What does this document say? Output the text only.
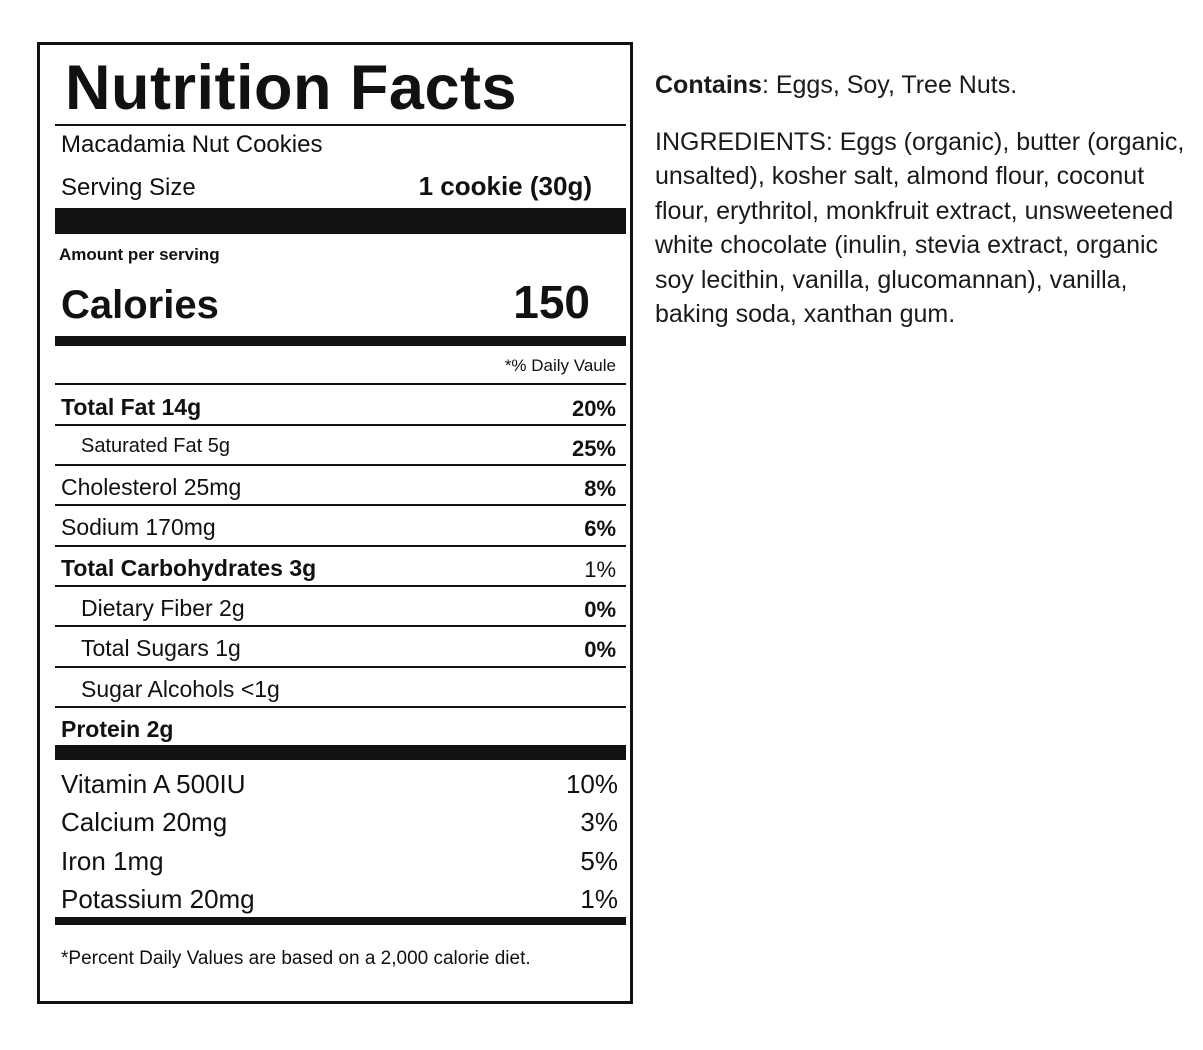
Nutrition Facts
Macadamia Nut Cookies
Serving Size	1 cookie (30g)
Amount per serving
Calories	150
*% Daily Vaule
Total Fat 14g	20%
Saturated Fat 5g	25%
Cholesterol 25mg	8%
Sodium 170mg	6%
Total Carbohydrates 3g	1%
Dietary Fiber 2g	0%
Total Sugars 1g	0%
Sugar Alcohols <1g
Protein 2g
Vitamin A 500IU	10%
Calcium 20mg	3%
Iron 1mg	5%
Potassium 20mg	1%
*Percent Daily Values are based on a 2,000 calorie diet.
Contains: Eggs, Soy, Tree Nuts.
INGREDIENTS: Eggs (organic), butter (organic, unsalted), kosher salt, almond flour, coconut flour, erythritol, monkfruit extract, unsweetened white chocolate (inulin, stevia extract, organic soy lecithin, vanilla, glucomannan), vanilla, baking soda, xanthan gum.
